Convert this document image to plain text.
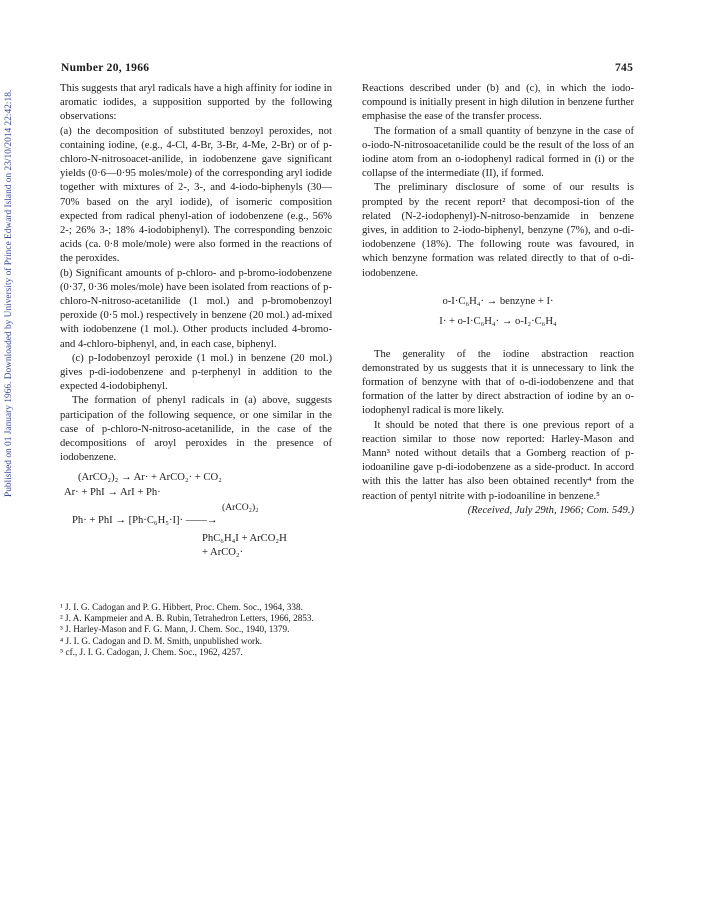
Published on 01 January 1966. Downloaded by University of Prince Edward Island on 23/10/2014 22:42:18.
Number 20, 1966	745

This suggests that aryl radicals have a high affinity for iodine in aromatic iodides, a supposition supported by the following observations:

(a) the decomposition of substituted benzoyl peroxides, not containing iodine, (e.g., 4-Cl, 4-Br, 3-Br, 4-Me, 2-Br) or of p-chloro-N-nitrosoacet-anilide, in iodobenzene gave significant yields (0·6—0·95 moles/mole) of the corresponding aryl iodide together with mixtures of 2-, 3-, and 4-iodo-biphenyls (30—70% based on the aryl iodide), of isomeric composition expected from radical phenyl-ation of iodobenzene (e.g., 56% 2-; 26% 3-; 18% 4-iodobiphenyl). The corresponding benzoic acids (ca. 0·8 mole/mole) were also formed in the reactions of the peroxides.

(b) Significant amounts of p-chloro- and p-bromo-iodobenzene (0·37, 0·36 moles/mole) have been isolated from reactions of p-chloro-N-nitroso-acetanilide (1 mol.) and p-bromobenzoyl peroxide (0·5 mol.) respectively in benzene (20 mol.) ad-mixed with iodobenzene (1 mol.). Other products included 4-bromo- and 4-chloro-biphenyl, and, in each case, biphenyl.

(c) p-Iodobenzoyl peroxide (1 mol.) in benzene (20 mol.) gives p-di-iodobenzene and p-terphenyl in addition to the expected 4-iodobiphenyl.

The formation of phenyl radicals in (a) above, suggests participation of the following sequence, or one similar in the case of p-chloro-N-nitroso-acetanilide, in the case of the decompositions of aroyl peroxides in the presence of iodobenzene.

(ArCO₂)₂ → Ar· + ArCO₂· + CO₂
Ar· + PhI → ArI + Ph·
(ArCO₂)₂
Ph· + PhI → [Ph·C₆H₅·I]· ——→
PhC₆H₄I + ArCO₂H
+ ArCO₂·

Reactions described under (b) and (c), in which the iodo-compound is initially present in high dilution in benzene further emphasise the ease of the transfer process.

The formation of a small quantity of benzyne in the case of o-iodo-N-nitrosoacetanilide could be the result of the loss of an iodine atom from an o-iodophenyl radical formed in (i) or the collapse of the intermediate (II), if formed.

The preliminary disclosure of some of our results is prompted by the recent report² that decomposi-tion of the related (N-2-iodophenyl)-N-nitroso-benzamide in benzene gives, in addition to 2-iodo-biphenyl, benzyne (7%), and o-di-iodobenzene (18%). The following route was favoured, in which benzyne formation was related directly to that of o-di-iodobenzene.

o-I·C₆H₄· → benzyne + I·
I· + o-I·C₆H₄· → o-I₂·C₆H₄

The generality of the iodine abstraction reaction demonstrated by us suggests that it is unnecessary to link the formation of benzyne with that of o-di-iodobenzene and that formation of the latter by direct abstraction of iodine by an o-iodophenyl radical is more likely.

It should be noted that there is one previous report of a reaction similar to those now reported: Harley-Mason and Mann³ noted without details that a Gomberg reaction of p-iodoaniline gave p-di-iodobenzene as a side-product. In accord with this the latter has also been obtained recently⁴ from the reaction of pentyl nitrite with p-iodoaniline in benzene.⁵

(Received, July 29th, 1966; Com. 549.)

¹ J. I. G. Cadogan and P. G. Hibbert, Proc. Chem. Soc., 1964, 338.
² J. A. Kampmeier and A. B. Rubin, Tetrahedron Letters, 1966, 2853.
³ J. Harley-Mason and F. G. Mann, J. Chem. Soc., 1940, 1379.
⁴ J. I. G. Cadogan and D. M. Smith, unpublished work.
⁵ cf., J. I. G. Cadogan, J. Chem. Soc., 1962, 4257.
